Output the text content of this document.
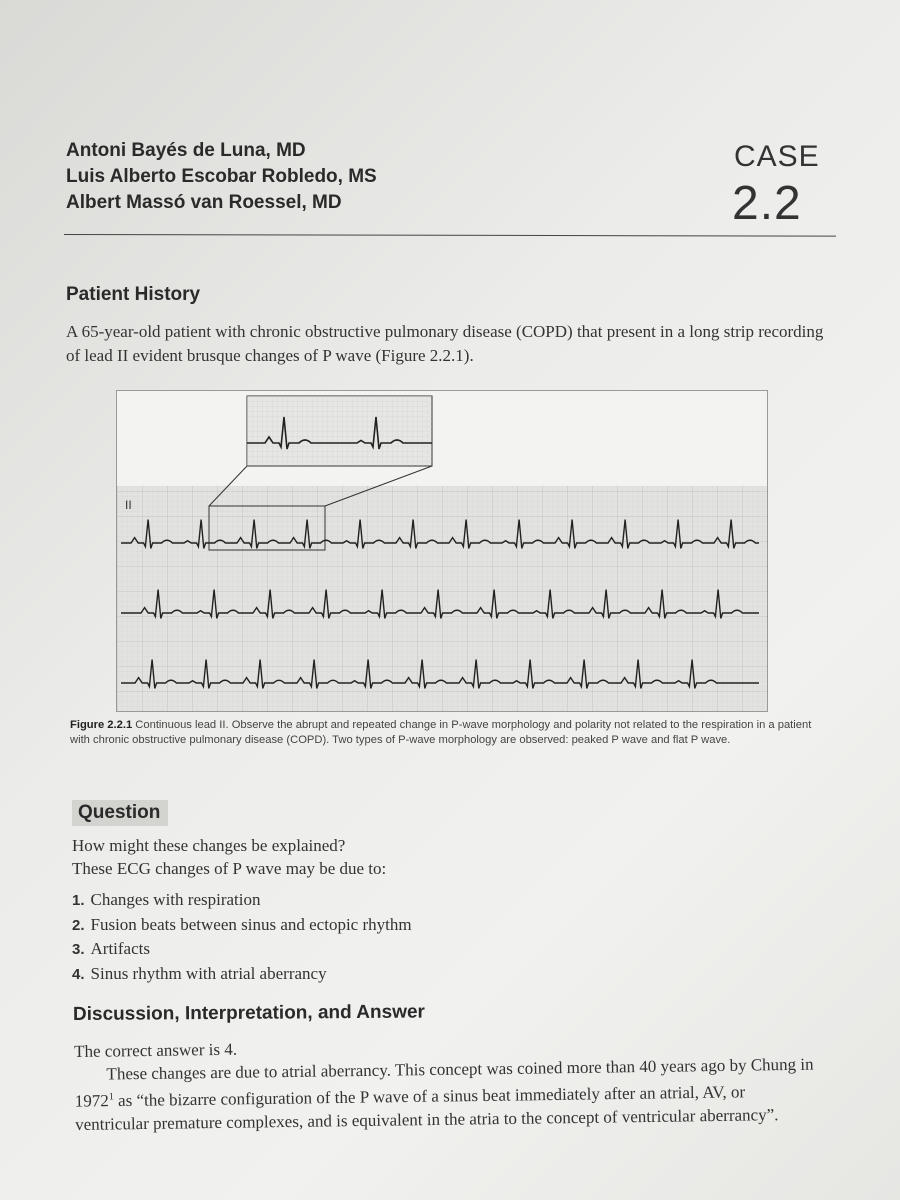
Antoni Bayés de Luna, MD
Luis Alberto Escobar Robledo, MS
Albert Massó van Roessel, MD
CASE
2.2
Patient History
A 65-year-old patient with chronic obstructive pulmonary disease (COPD) that present in a long strip recording of lead II evident brusque changes of P wave (Figure 2.2.1).
II
Figure 2.2.1 Continuous lead II. Observe the abrupt and repeated change in P-wave morphology and polarity not related to the respiration in a patient with chronic obstructive pulmonary disease (COPD). Two types of P-wave morphology are observed: peaked P wave and flat P wave.
Question
How might these changes be explained?
These ECG changes of P wave may be due to:
1. Changes with respiration
2. Fusion beats between sinus and ectopic rhythm
3. Artifacts
4. Sinus rhythm with atrial aberrancy
Discussion, Interpretation, and Answer

The correct answer is 4.

These changes are due to atrial aberrancy. This concept was coined more than 40 years ago by Chung in 1972$^1$ as “the bizarre configuration of the P wave of a sinus beat immediately after an atrial, AV, or ventricular premature complexes, and is equivalent in the atria to the concept of ventricular aberrancy”.
